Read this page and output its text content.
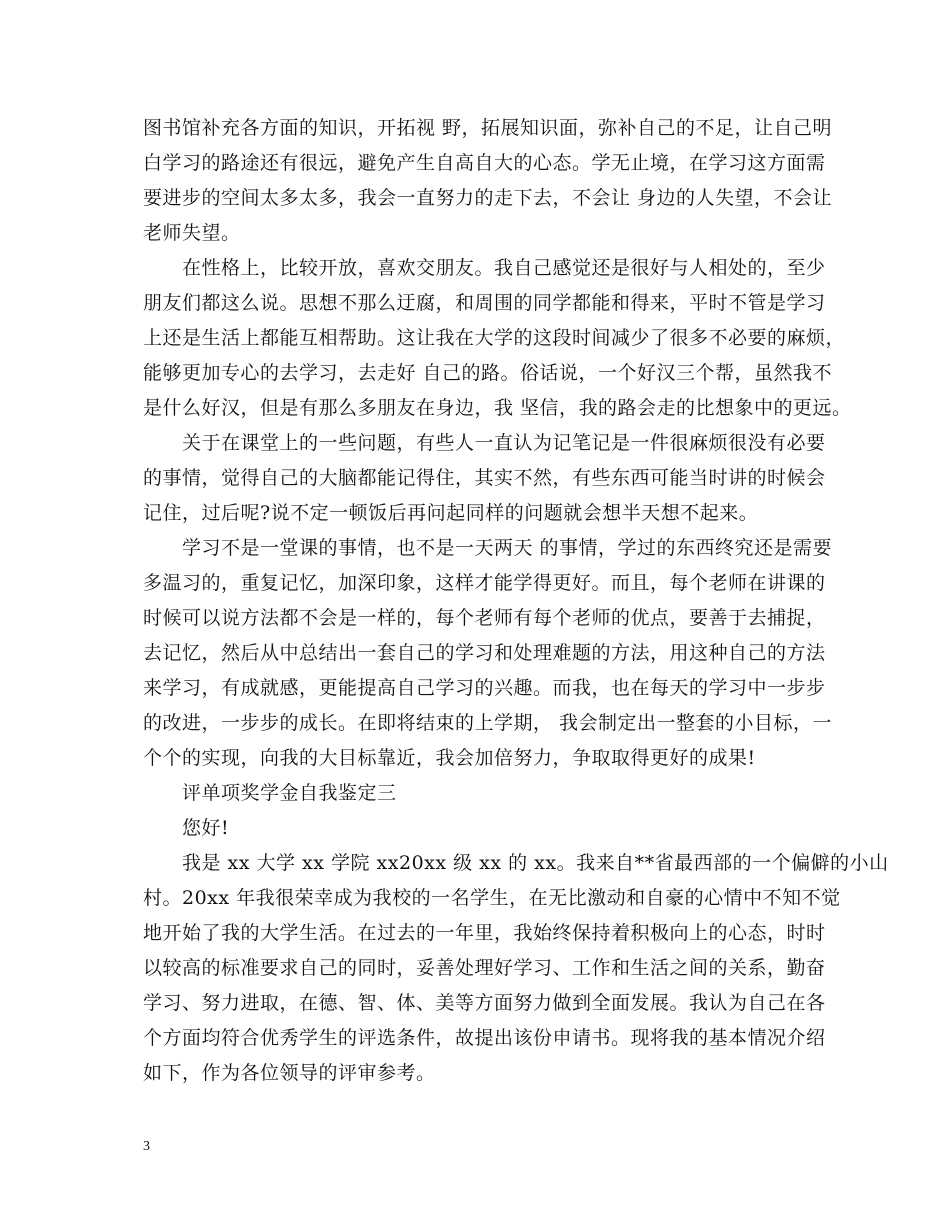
图书馆补充各方面的知识，开拓视 野，拓展知识面，弥补自己的不足，让自己明
白学习的路途还有很远，避免产生自高自大的心态。学无止境，在学习这方面需
要进步的空间太多太多，我会一直努力的走下去，不会让 身边的人失望，不会让
老师失望。
　　在性格上，比较开放，喜欢交朋友。我自己感觉还是很好与人相处的，至少
朋友们都这么说。思想不那么迂腐，和周围的同学都能和得来，平时不管是学习
上还是生活上都能互相帮助。这让我在大学的这段时间减少了很多不必要的麻烦，
能够更加专心的去学习，去走好 自己的路。俗话说，一个好汉三个帮，虽然我不
是什么好汉，但是有那么多朋友在身边，我 坚信，我的路会走的比想象中的更远。
　　关于在课堂上的一些问题，有些人一直认为记笔记是一件很麻烦很没有必要
的事情，觉得自己的大脑都能记得住，其实不然，有些东西可能当时讲的时候会
记住，过后呢?说不定一顿饭后再问起同样的问题就会想半天想不起来。
　　学习不是一堂课的事情，也不是一天两天 的事情，学过的东西终究还是需要
多温习的，重复记忆，加深印象，这样才能学得更好。而且，每个老师在讲课的
时候可以说方法都不会是一样的，每个老师有每个老师的优点，要善于去捕捉，
去记忆，然后从中总结出一套自己的学习和处理难题的方法，用这种自己的方法
来学习，有成就感，更能提高自己学习的兴趣。而我，也在每天的学习中一步步
的改进，一步步的成长。在即将结束的上学期， 我会制定出一整套的小目标，一
个个的实现，向我的大目标靠近，我会加倍努力，争取取得更好的成果!
　　评单项奖学金自我鉴定三
　　您好!
　　我是 xx 大学 xx 学院 xx20xx 级 xx 的 xx。我来自**省最西部的一个偏僻的小山
村。20xx 年我很荣幸成为我校的一名学生，在无比激动和自豪的心情中不知不觉
地开始了我的大学生活。在过去的一年里，我始终保持着积极向上的心态，时时
以较高的标准要求自己的同时，妥善处理好学习、工作和生活之间的关系，勤奋
学习、努力进取，在德、智、体、美等方面努力做到全面发展。我认为自己在各
个方面均符合优秀学生的评选条件，故提出该份申请书。现将我的基本情况介绍
如下，作为各位领导的评审参考。
3
